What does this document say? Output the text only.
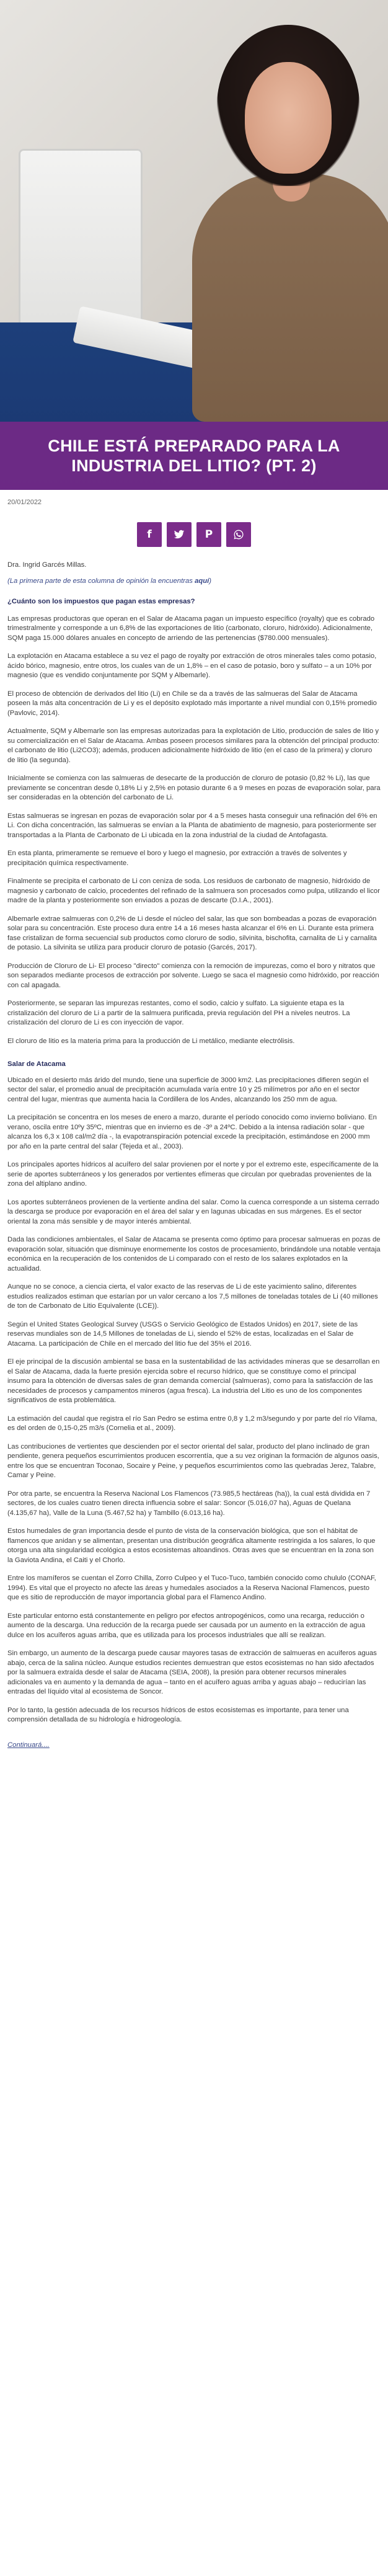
CHILE ESTÁ PREPARADO PARA LA INDUSTRIA DEL LITIO? (PT. 2)
20/01/2022
f	P

Dra. Ingrid Garcés Millas.

(La primera parte de esta columna de opinión la encuentras aquí)

¿Cuánto son los impuestos que pagan estas empresas?

Las empresas productoras que operan en el Salar de Atacama pagan un impuesto específico (royalty) que es cobrado trimestralmente y corresponde a un 6,8% de las exportaciones de litio (carbonato, cloruro, hidróxido). Adicionalmente, SQM paga 15.000 dólares anuales en concepto de arriendo de las pertenencias ($780.000 mensuales).

La explotación en Atacama establece a su vez el pago de royalty por extracción de otros minerales tales como potasio, ácido bórico, magnesio, entre otros, los cuales van de un 1,8% – en el caso de potasio, boro y sulfato – a un 10% por magnesio (que es vendido conjuntamente por SQM y Albemarle).

El proceso de obtención de derivados del litio (Li) en Chile se da a través de las salmueras del Salar de Atacama poseen la más alta concentración de Li y es el depósito explotado más importante a nivel mundial con 0,15% promedio (Pavlovic, 2014).

Actualmente, SQM y Albemarle son las empresas autorizadas para la explotación de Litio, producción de sales de litio y su comercialización en el Salar de Atacama. Ambas poseen procesos similares para la obtención del principal producto: el carbonato de litio (Li2CO3); además, producen adicionalmente hidróxido de litio (en el caso de la primera) y cloruro de litio (la segunda).

Inicialmente se comienza con las salmueras de desecarte de la producción de cloruro de potasio (0,82 % Li), las que previamente se concentran desde 0,18% Li y 2,5% en potasio durante 6 a 9 meses en pozas de evaporación solar, para ser consideradas en la obtención del carbonato de Li.

Estas salmueras se ingresan en pozas de evaporación solar por 4 a 5 meses hasta conseguir una refinación del 6% en Li. Con dicha concentración, las salmueras se envían a la Planta de abatimiento de magnesio, para posteriormente ser transportadas a la Planta de Carbonato de Li ubicada en la zona industrial de la ciudad de Antofagasta.

En esta planta, primeramente se remueve el boro y luego el magnesio, por extracción a través de solventes y precipitación química respectivamente.

Finalmente se precipita el carbonato de Li con ceniza de soda. Los residuos de carbonato de magnesio, hidróxido de magnesio y carbonato de calcio, procedentes del refinado de la salmuera son procesados como pulpa, utilizando el licor madre de la planta y posteriormente son enviados a pozas de descarte (D.I.A., 2001).

Albemarle extrae salmueras con 0,2% de Li desde el núcleo del salar, las que son bombeadas a pozas de evaporación solar para su concentración. Este proceso dura entre 14 a 16 meses hasta alcanzar el 6% en Li. Durante esta primera fase cristalizan de forma secuencial sub productos como cloruro de sodio, silvinita, bischofita, carnalita de Li y carnalita de potasio. La silvinita se utiliza para producir cloruro de potasio (Garcés, 2017).

Producción de Cloruro de Li- El proceso "directo" comienza con la remoción de impurezas, como el boro y nitratos que son separados mediante procesos de extracción por solvente. Luego se saca el magnesio como hidróxido, por reacción con cal apagada.

Posteriormente, se separan las impurezas restantes, como el sodio, calcio y sulfato. La siguiente etapa es la cristalización del cloruro de Li a partir de la salmuera purificada, previa regulación del PH a niveles neutros. La cristalización del cloruro de Li es con inyección de vapor.

El cloruro de litio es la materia prima para la producción de Li metálico, mediante electrólisis.

Salar de Atacama

Ubicado en el desierto más árido del mundo, tiene una superficie de 3000 km2. Las precipitaciones difieren según el sector del salar, el promedio anual de precipitación acumulada varía entre 10 y 25 milímetros por año en el sector central del lugar, mientras que aumenta hacia la Cordillera de los Andes, alcanzando los 250 mm de agua.

La precipitación se concentra en los meses de enero a marzo, durante el período conocido como invierno boliviano. En verano, oscila entre 10ºy 35ºC, mientras que en invierno es de -3º a 24ºC. Debido a la intensa radiación solar - que alcanza los 6,3 x 108 cal/m2 día -, la evapotranspiración potencial excede la precipitación, estimándose en 2000 mm por año en la parte central del salar (Tejeda et al., 2003).

Los principales aportes hídricos al acuífero del salar provienen por el norte y por el extremo este, específicamente de la serie de aportes subterráneos y los generados por vertientes efímeras que circulan por quebradas provenientes de la zona del altiplano andino.

Los aportes subterráneos provienen de la vertiente andina del salar. Como la cuenca corresponde a un sistema cerrado la descarga se produce por evaporación en el área del salar y en lagunas ubicadas en sus márgenes. Es el sector oriental la zona más sensible y de mayor interés ambiental.

Dada las condiciones ambientales, el Salar de Atacama se presenta como óptimo para procesar salmueras en pozas de evaporación solar, situación que disminuye enormemente los costos de procesamiento, brindándole una notable ventaja económica en la recuperación de los contenidos de Li comparado con el resto de los salares explotados en la actualidad.

Aunque no se conoce, a ciencia cierta, el valor exacto de las reservas de Li de este yacimiento salino, diferentes estudios realizados estiman que estarían por un valor cercano a los 7,5 millones de toneladas totales de Li (40 millones de ton de Carbonato de Litio Equivalente (LCE)).

Según el United States Geological Survey (USGS o Servicio Geológico de Estados Unidos) en 2017, siete de las reservas mundiales son de 14,5 Millones de toneladas de Li, siendo el 52% de estas, localizadas en el Salar de Atacama. La participación de Chile en el mercado del litio fue del 35% el 2016.

El eje principal de la discusión ambiental se basa en la sustentabilidad de las actividades mineras que se desarrollan en el Salar de Atacama, dada la fuerte presión ejercida sobre el recurso hídrico, que se constituye como el principal insumo para la obtención de diversas sales de gran demanda comercial (salmueras), como para la satisfacción de las necesidades de procesos y campamentos mineros (agua fresca). La industria del Litio es uno de los componentes significativos de esta problemática.

La estimación del caudal que registra el río San Pedro se estima entre 0,8 y 1,2 m3/segundo y por parte del río Vilama, es del orden de 0,15-0,25 m3/s (Cornelia et al., 2009).

Las contribuciones de vertientes que descienden por el sector oriental del salar, producto del plano inclinado de gran pendiente, genera pequeños escurrimientos producen escorrentía, que a su vez originan la formación de algunos oasis, entre los que se encuentran Toconao, Socaire y Peine, y pequeños escurrimientos como las quebradas Jerez, Talabre, Camar y Peine.

Por otra parte, se encuentra la Reserva Nacional Los Flamencos (73.985,5 hectáreas (ha)), la cual está dividida en 7 sectores, de los cuales cuatro tienen directa influencia sobre el salar: Soncor (5.016,07 ha), Aguas de Quelana (4.135,67 ha), Valle de la Luna (5.467,52 ha) y Tambillo (6.013,16 ha).

Estos humedales de gran importancia desde el punto de vista de la conservación biológica, que son el hábitat de flamencos que anidan y se alimentan, presentan una distribución geográfica altamente restringida a los salares, lo que otorga una alta singularidad ecológica a estos ecosistemas altoandinos. Otras aves que se encuentran en la zona son la Gaviota Andina, el Caiti y el Chorlo.

Entre los mamíferos se cuentan el Zorro Chilla, Zorro Culpeo y el Tuco-Tuco, también conocido como chululo (CONAF, 1994). Es vital que el proyecto no afecte las áreas y humedales asociados a la Reserva Nacional Flamencos, puesto que es sitio de reproducción de mayor importancia global para el Flamenco Andino.

Este particular entorno está constantemente en peligro por efectos antropogénicos, como una recarga, reducción o aumento de la descarga. Una reducción de la recarga puede ser causada por un aumento en la extracción de agua dulce en los acuíferos aguas arriba, que es utilizada para los procesos industriales que allí se realizan.

Sin embargo, un aumento de la descarga puede causar mayores tasas de extracción de salmueras en acuíferos aguas abajo, cerca de la salina núcleo. Aunque estudios recientes demuestran que estos ecosistemas no han sido afectados por la salmuera extraída desde el salar de Atacama (SEIA, 2008), la presión para obtener recursos minerales adicionales va en aumento y la demanda de agua – tanto en el acuífero aguas arriba y aguas abajo – reducirían las entradas del líquido vital al ecosistema de Soncor.

Por lo tanto, la gestión adecuada de los recursos hídricos de estos ecosistemas es importante, para tener una comprensión detallada de su hidrología e hidrogeología.

Continuará....
